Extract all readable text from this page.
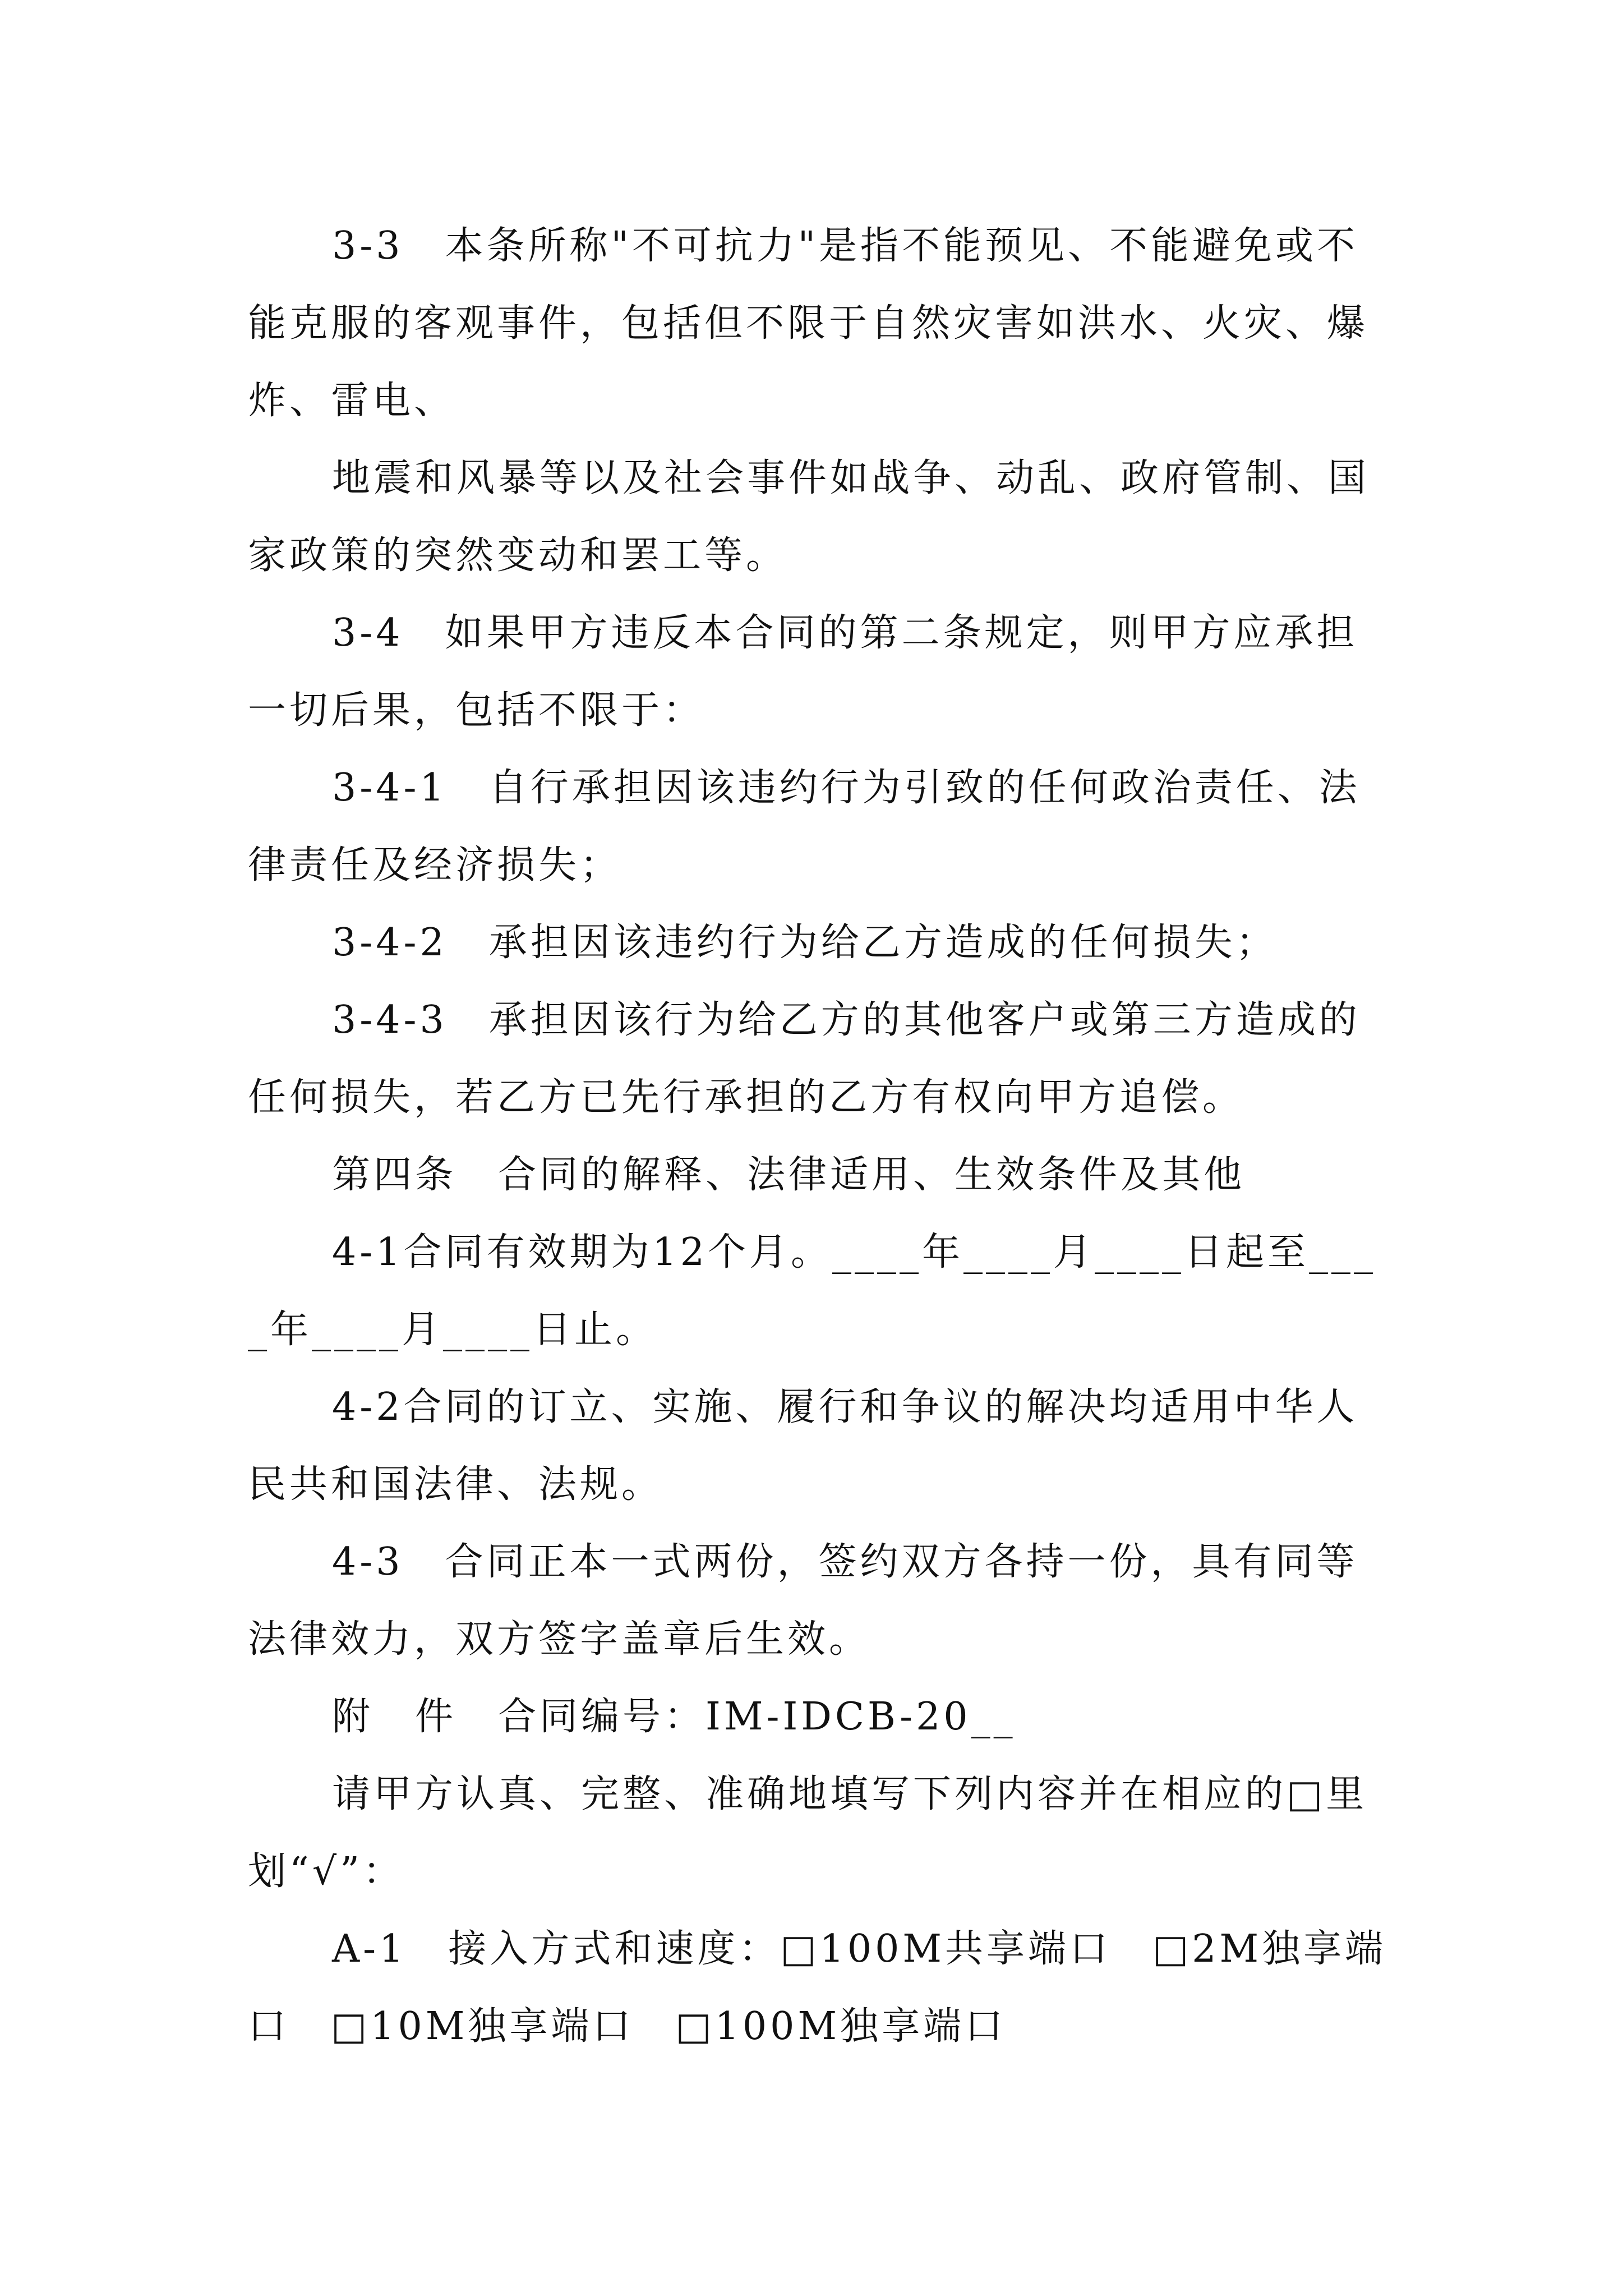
3-3　本条所称"不可抗力"是指不能预见、不能避免或不能克服的客观事件，包括但不限于自然灾害如洪水、火灾、爆炸、雷电、

地震和风暴等以及社会事件如战争、动乱、政府管制、国家政策的突然变动和罢工等。

3-4　如果甲方违反本合同的第二条规定，则甲方应承担一切后果，包括不限于：

3-4-1　自行承担因该违约行为引致的任何政治责任、法律责任及经济损失；

3-4-2　承担因该违约行为给乙方造成的任何损失；

3-4-3　承担因该行为给乙方的其他客户或第三方造成的任何损失，若乙方已先行承担的乙方有权向甲方追偿。

第四条　合同的解释、法律适用、生效条件及其他

4-1合同有效期为12个月。____年____月____日起至____年____月____日止。

4-2合同的订立、实施、履行和争议的解决均适用中华人民共和国法律、法规。

4-3　合同正本一式两份，签约双方各持一份，具有同等法律效力，双方签字盖章后生效。

附　件　合同编号：IM-IDCB-20__

请甲方认真、完整、准确地填写下列内容并在相应的□里划“√”：

A-1　接入方式和速度：□100M共享端口　□2M独享端口　□10M独享端口　□100M独享端口
